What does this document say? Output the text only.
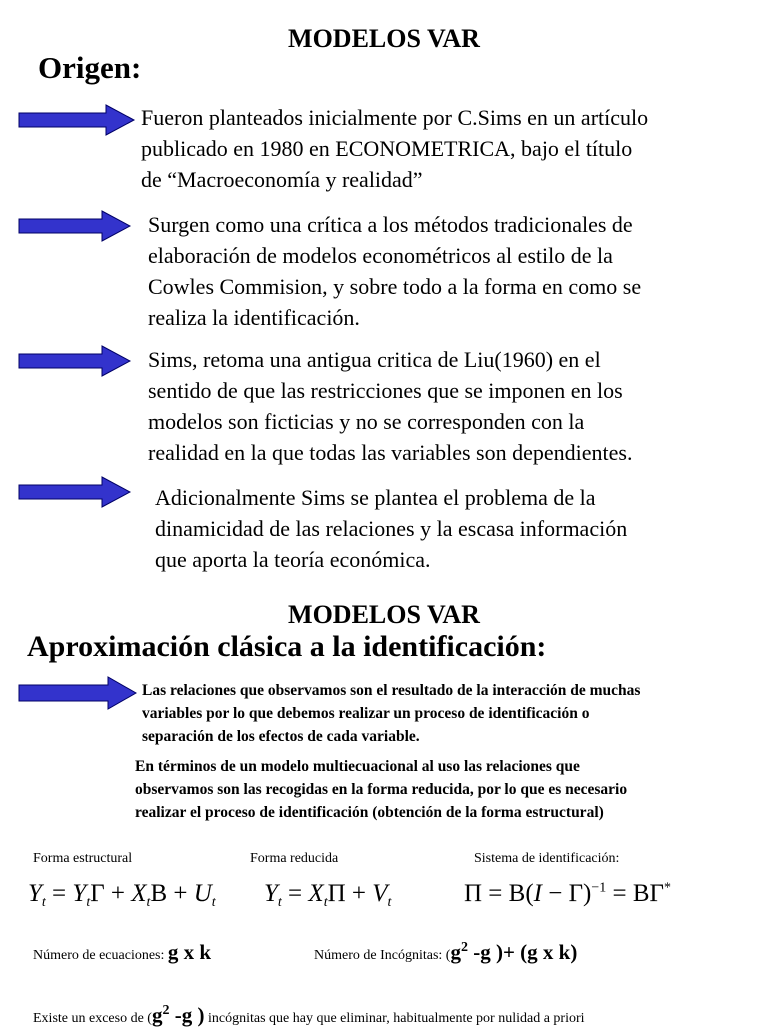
MODELOS VAR
Origen:
Fueron planteados inicialmente por C.Sims en un artículo
publicado en 1980 en ECONOMETRICA, bajo el título
de “Macroeconomía y realidad”
Surgen como una crítica a los métodos tradicionales de
elaboración de modelos econométricos al estilo de la
Cowles Commision, y sobre todo a la forma en como se
realiza la identificación.
Sims, retoma una antigua critica de Liu(1960) en el
sentido de que las restricciones que se imponen en los
modelos son ficticias y no se corresponden con la
realidad en la que todas las variables son dependientes.
Adicionalmente Sims se plantea el problema de la
dinamicidad de las relaciones y la escasa información
que aporta la teoría económica.
MODELOS VAR
Aproximación clásica a la identificación:
Las relaciones que observamos son el resultado de la interacción de muchas
variables por lo que debemos realizar un proceso de identificación o
separación de los efectos de cada variable.
En términos de un modelo multiecuacional al uso las relaciones que
observamos son las recogidas en la forma reducida, por lo que es necesario
realizar el proceso de identificación (obtención de la forma estructural)
Forma estructural	Forma reducida	Sistema de identificación:
$Y_t = Y_t\Gamma + X_tB + U_t$ $Y_t = X_t\Pi + V_t$	$\Pi = B(I - \Gamma)^{-1} = B\Gamma^*$
Número de ecuaciones: g x k	Número de Incógnitas: ($g^2$ -g )+ (g x k)
Existe un exceso de ($g^2$ -g ) incógnitas que hay que eliminar, habitualmente por nulidad a priori
